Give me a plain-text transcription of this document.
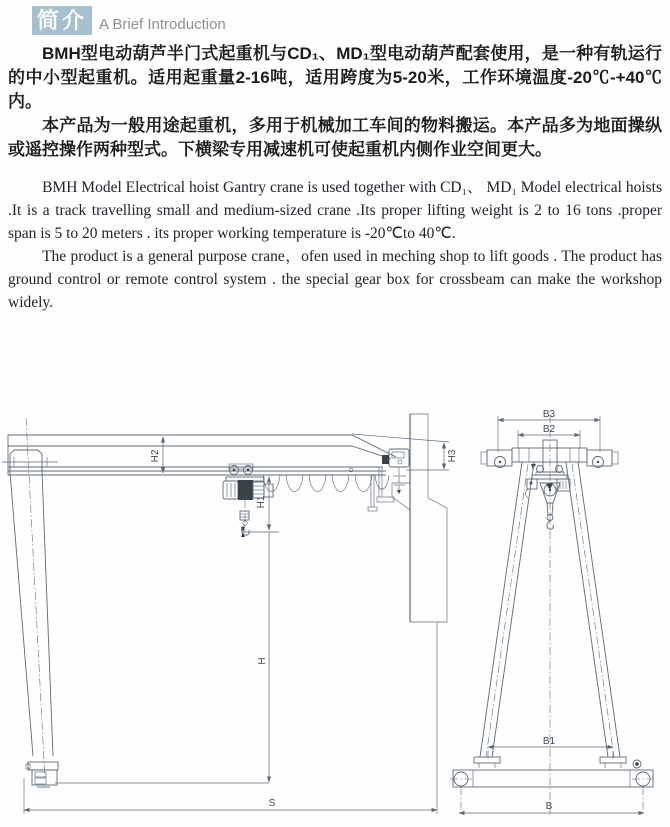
简介 A Brief Introduction

BMH型电动葫芦半门式起重机与CD₁、MD₁型电动葫芦配套使用，是一种有轨运行的中小型起重机。适用起重量2-16吨，适用跨度为5-20米，工作环境温度-20℃-+40℃内。

本产品为一般用途起重机，多用于机械加工车间的物料搬运。本产品多为地面操纵或遥控操作两种型式。下横梁专用减速机可使起重机内侧作业空间更大。

BMH Model Electrical hoist Gantry crane is used together with CD₁、 MD₁ Model electrical hoists .It is a track travelling small and medium-sized crane .Its proper lifting weight is 2 to 16 tons .proper span is 5 to 20 meters . its proper working temperature is -20℃to 40℃.

The product is a general purpose crane，ofen used in meching shop to lift goods . The product has ground control or remote control system . the special gear box for crossbeam can make the workshop widely.

H2	H3
H1
H
S
B3
B2
B1
B
